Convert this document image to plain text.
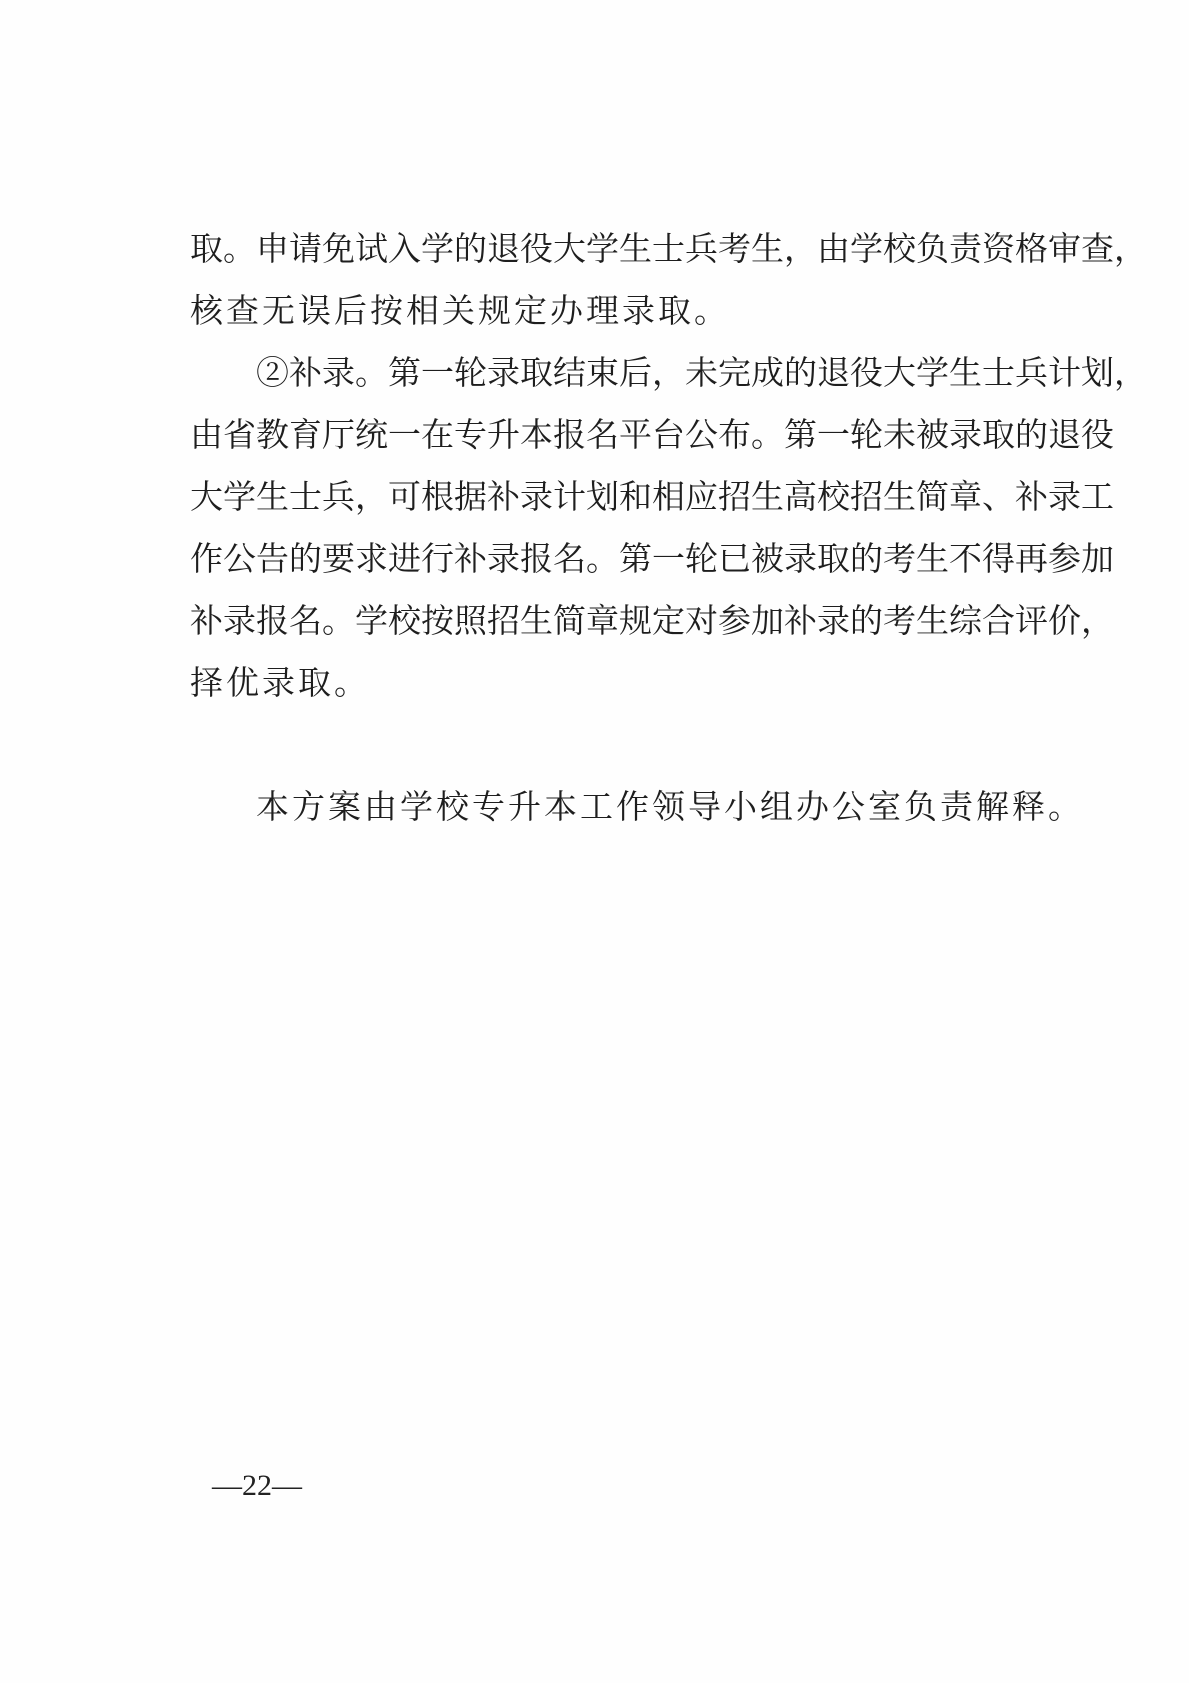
取。申请免试入学的退役大学生士兵考生，由学校负责资格审查，
核查无误后按相关规定办理录取。
②补录。第一轮录取结束后，未完成的退役大学生士兵计划，
由省教育厅统一在专升本报名平台公布。第一轮未被录取的退役
大学生士兵，可根据补录计划和相应招生高校招生简章、补录工
作公告的要求进行补录报名。第一轮已被录取的考生不得再参加
补录报名。学校按照招生简章规定对参加补录的考生综合评价，
择优录取。
本方案由学校专升本工作领导小组办公室负责解释。
—22—
